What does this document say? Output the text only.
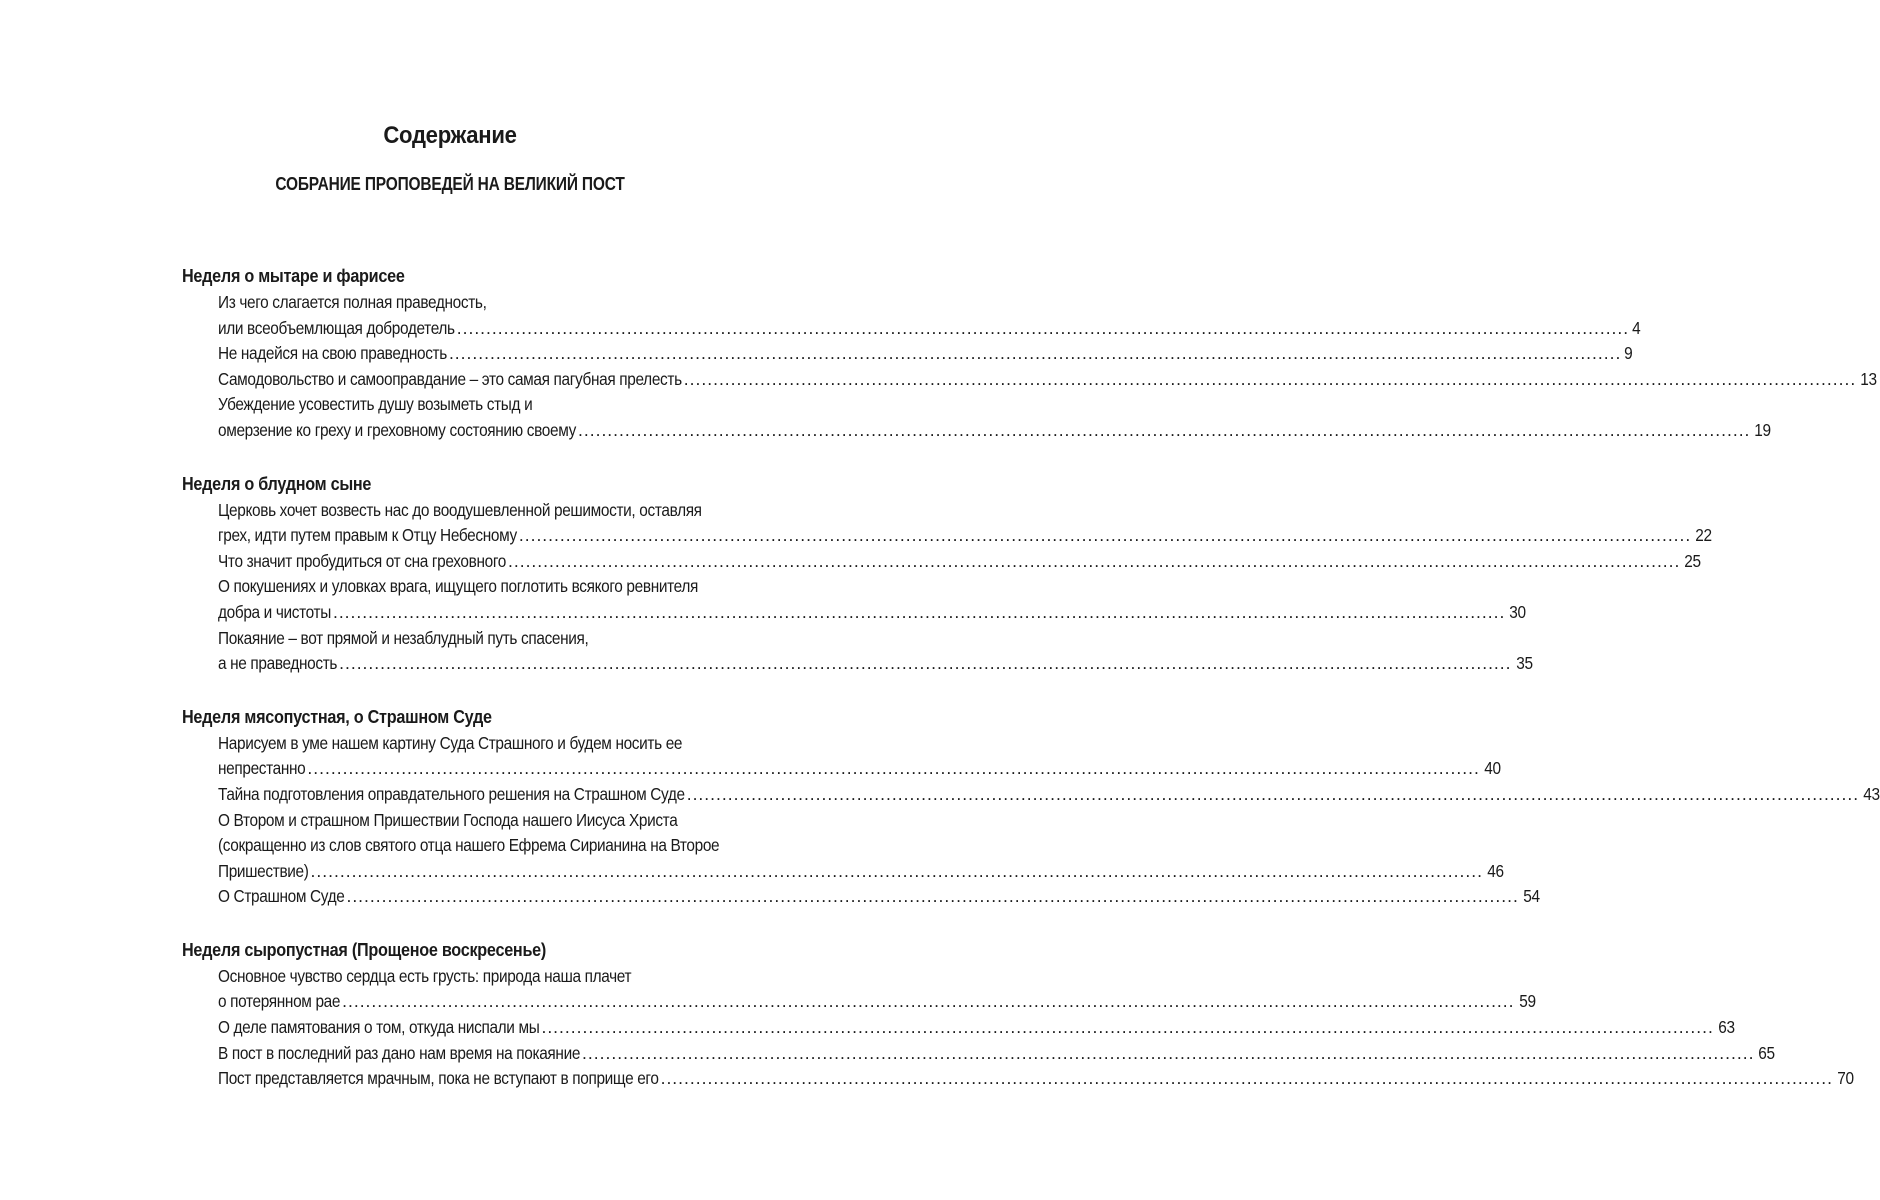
Содержание
СОБРАНИЕ ПРОПОВЕДЕЙ НА ВЕЛИКИЙ ПОСТ
Неделя о мытаре и фарисее
Из чего слагается полная праведность,
или всеобъемлющая добродетель ........................................................................................................................................................................................................ 4
Не надейся на свою праведность ........................................................................................................................................................................................................ 9
Самодовольство и самооправдание – это самая пагубная прелесть ........................................................................................................................................................................................................ 13
Убеждение усовестить душу возыметь стыд и
омерзение ко греху и греховному состоянию своему ........................................................................................................................................................................................................ 19
Неделя о блудном сыне
Церковь хочет возвесть нас до воодушевленной решимости, оставляя
грех, идти путем правым к Отцу Небесному ........................................................................................................................................................................................................ 22
Что значит пробудиться от сна греховного ........................................................................................................................................................................................................ 25
О покушениях и уловках врага, ищущего поглотить всякого ревнителя
добра и чистоты ........................................................................................................................................................................................................ 30
Покаяние – вот прямой и незаблудный путь спасения,
а не праведность ........................................................................................................................................................................................................ 35
Неделя мясопустная, о Страшном Суде
Нарисуем в уме нашем картину Суда Страшного и будем носить ее
непрестанно ........................................................................................................................................................................................................ 40
Тайна подготовления оправдательного решения на Страшном Суде ........................................................................................................................................................................................................ 43
О Втором и страшном Пришествии Господа нашего Иисуса Христа
(сокращенно из слов святого отца нашего Ефрема Сирианина на Второе
Пришествие) ........................................................................................................................................................................................................ 46
О Страшном Суде ........................................................................................................................................................................................................ 54
Неделя сыропустная (Прощеное воскресенье)
Основное чувство сердца есть грусть: природа наша плачет
о потерянном рае ........................................................................................................................................................................................................ 59
О деле памятования о том, откуда ниспали мы ........................................................................................................................................................................................................ 63
В пост в последний раз дано нам время на покаяние ........................................................................................................................................................................................................ 65
Пост представляется мрачным, пока не вступают в поприще его ........................................................................................................................................................................................................ 70
